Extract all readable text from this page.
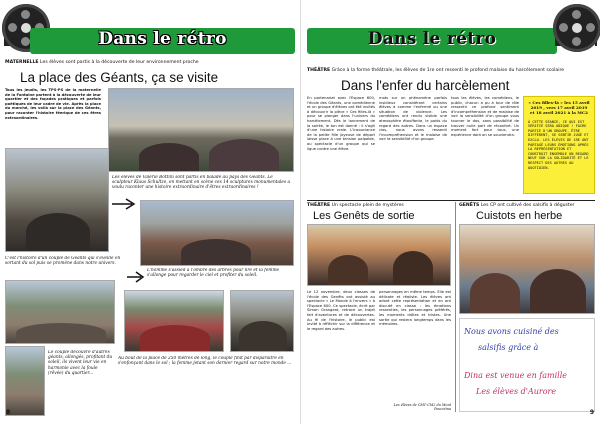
Dans le rétro
MATERNELLE Les élèves sont partis à la découverte de leur environnement proche
La place des Géants, ça se visite
Tous les jeudis, les TPS-PS de la maternelle de la Fontaine partent à la découverte de leur quartier et des façades pratiques et parfois poétiques de leur cadre de vie. Après la place du marché, les voilà sur la place des Géants, pour raconter l'histoire féerique de ces êtres extraordinaires.
Les élèves de Valérie Bottini sont partis en balade au pays des Géants. Le sculpteur Klaus Schultze, en mettant en scène ces 14 sculptures monumentales a voulu raconter une histoire extraordinaire d'êtres extraordinaires !
C'est l'histoire d'un couple de Géants qui s'éveille en sortant du sol puis se promène dans notre univers.
L'homme s'assied à l'ombre des arbres pour lire et la femme s'allonge pour regarder le ciel et profiter du soleil.
Le couple découvre d'autres géants, allongés, profitant du soleil, ils vivent leur vie en harmonie avec la foule (rêvée) du quartier...
Au bout de la place de 250 mètres de long, le couple finit par disparaître en s'enfonçant dans le sol ; la femme jetant son dernier regard sur notre monde ...
8
Dans le rétro
THÉÂTRE Grâce à la forme théâtrale, les élèves de 1re ont ressenti le profond malaise du harcèlement scolaire
Dans l'enfer du harcèlement
En partenariat avec l'Espace 600, l'école des Géants, une comédienne et un groupe d'élèves ont été invités à découvrir la pièce « Ces filles-là » pour se plonger dans l'univers du harcèlement. Dès le lancement de la soirée, le ton est donné : il s'agit d'une histoire vraie. L'insouciance de la petite fille joyeuse de départ laisse place à une tension palpable, au spectacle d'un groupe qui se ligue contre une élève.
mots sur un phénomène parfois insidieux considérant certains élèves à comme l'enfermé ou une situation de violence. Les comédiens ont rendu visible une atmosphère étouffante, le poids du regard des autres. Dans un espace clos, nous avons ressenti l'incompréhension et le malaise de voir la sensibilité d'un groupe.
tous les élèves, les comédiens, le public, chacun a pu à tour de rôle ressentir ce profond sentiment d'incompréhension et de malaise de voir la sensibilité d'un groupe vous tourner le dos, sans possibilité de trouver nulle part de réconfort. Un moment fort pour tous, une expérience dont on se souviendra.
« Ces filles-là » les 15 avril 2019 , vers 17 avril 2019 et 18 avril 2021 à la MC2
À CETTE SÉANCE, CE QUI EST VÉRIFIÉ SERA UNIQUE ! FAIRE PARTIE D'UN GROUPE. ÊTRE DIFFÉRENT, SE SENTIR JUGÉ ET EXCLU. LES ÉLÈVES DE 1RE ONT PARTAGÉ LEURS ÉMOTIONS APRÈS LA REPRÉSENTATION ET CONSTRUIT ENSEMBLE UN REGARD NEUF SUR LA SOLIDARITÉ ET LE RESPECT DES AUTRES AU QUOTIDIEN.
THÉÂTRE Un spectacle plein de mystères
Les Genêts de sortie
GENÊTS Les CP ont cultivé des salsifis à déguster
Cuistots en herbe
Le 12 novembre, deux classes de l'école des Genêts ont assisté au spectacle « Le Monde à l'envers » à l'Espace 600. Ce spectacle, écrit par Simon Grangeat, retrace un trajet fait d'aventures et de découvertes. Au fil de l'histoire, le public est invité à réfléchir sur la différence et le regard des autres.
personnages en même temps. Elle est délicate et réaliste. Les élèves ont adoré cette représentation et en ont discuté en classe : les émotions ressenties, les personnages préférés, les moments drôles et tristes. Une sortie qui restera longtemps dans les mémoires.
Les élèves de CM1-CM2 du Mont Poucetina
Nous avons cuisiné des
salsifis grâce à
Dina est venue en famille
Les élèves d'Aurore
9
